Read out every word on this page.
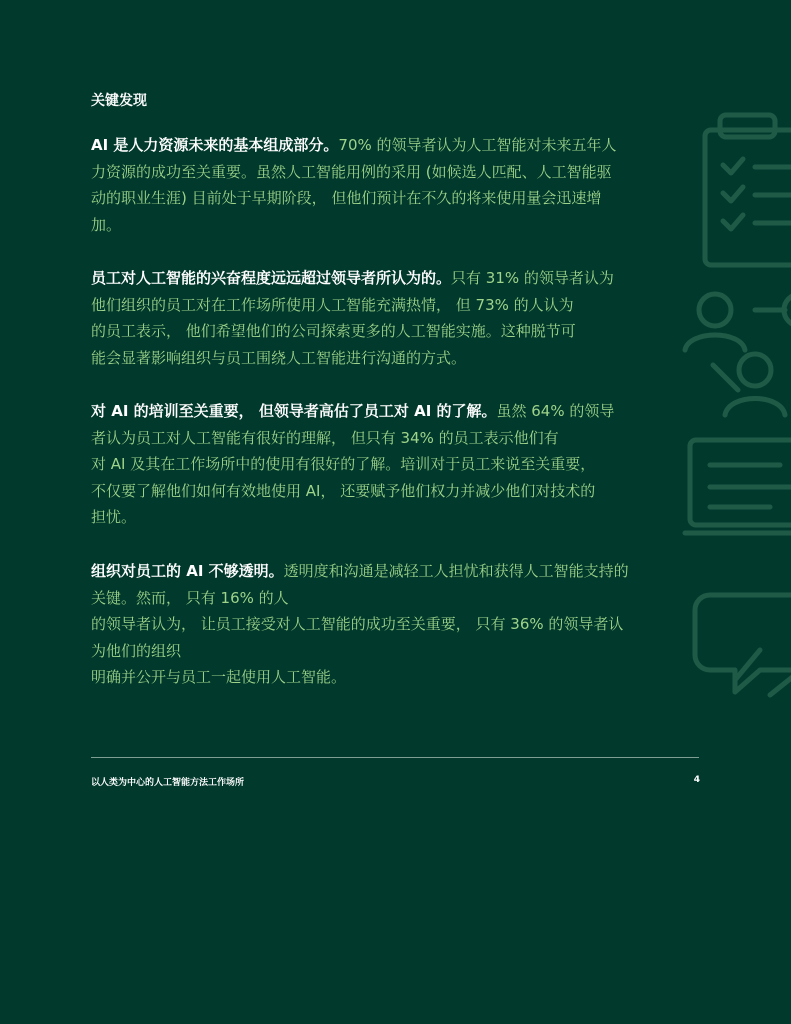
关键发现
AI 是人力资源未来的基本组成部分。70% 的领导者认为人工智能对未来五年人
力资源的成功至关重要。虽然人工智能用例的采用 (如候选人匹配、人工智能驱
动的职业生涯) 目前处于早期阶段， 但他们预计在不久的将来使用量会迅速增
加。
员工对人工智能的兴奋程度远远超过领导者所认为的。只有 31% 的领导者认为
他们组织的员工对在工作场所使用人工智能充满热情， 但 73% 的人认为
的员工表示， 他们希望他们的公司探索更多的人工智能实施。这种脱节可
能会显著影响组织与员工围绕人工智能进行沟通的方式。
对 AI 的培训至关重要， 但领导者高估了员工对 AI 的了解。虽然 64% 的领导
者认为员工对人工智能有很好的理解， 但只有 34% 的员工表示他们有
对 AI 及其在工作场所中的使用有很好的了解。培训对于员工来说至关重要，
不仅要了解他们如何有效地使用 AI， 还要赋予他们权力并减少他们对技术的
担忧。
组织对员工的 AI 不够透明。透明度和沟通是减轻工人担忧和获得人工智能支持的
关键。然而， 只有 16% 的人
的领导者认为， 让员工接受对人工智能的成功至关重要， 只有 36% 的领导者认
为他们的组织
明确并公开与员工一起使用人工智能。
以人类为中心的人工智能方法工作场所	4
